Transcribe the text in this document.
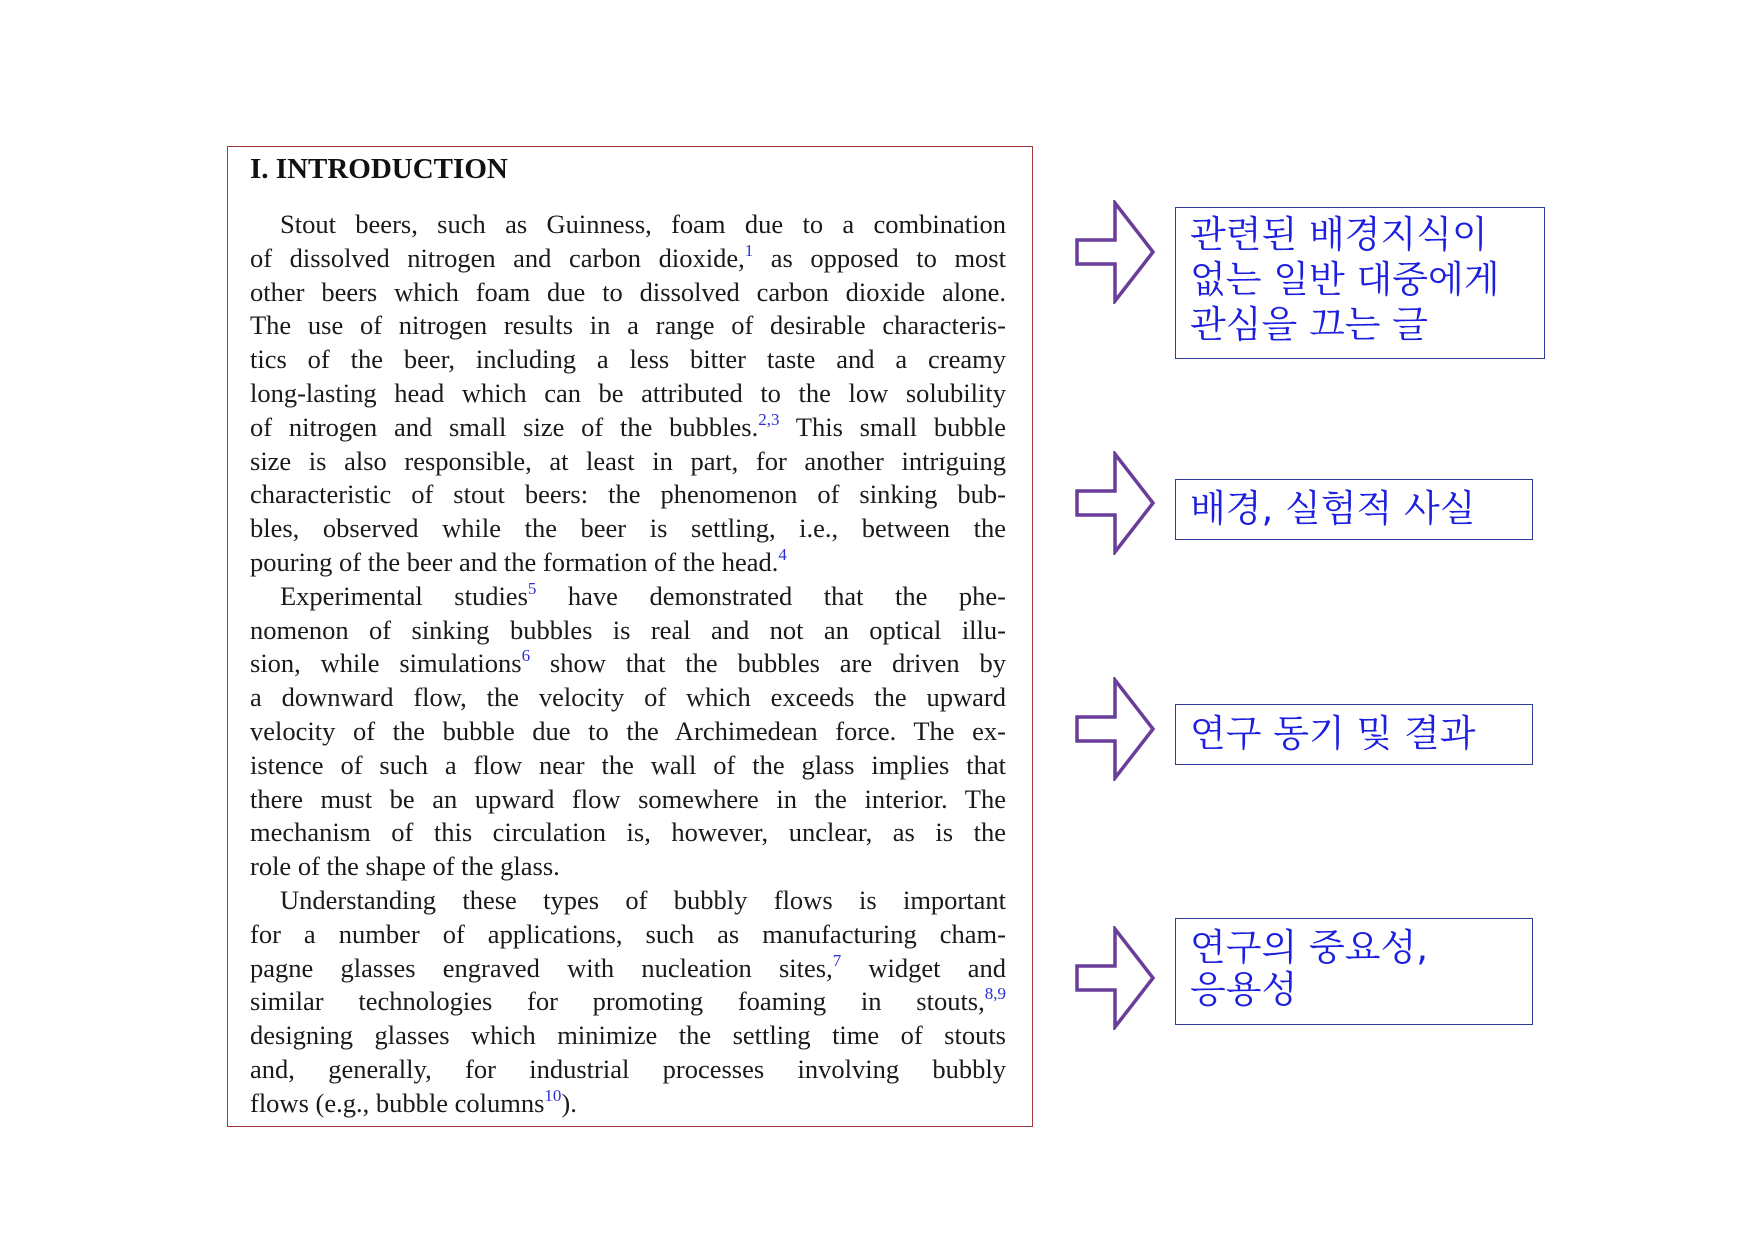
I. INTRODUCTION
Stout beers, such as Guinness, foam due to a combination
of dissolved nitrogen and carbon dioxide,$^1$ as opposed to most
other beers which foam due to dissolved carbon dioxide alone.
The use of nitrogen results in a range of desirable characteris-
tics of the beer, including a less bitter taste and a creamy
long-lasting head which can be attributed to the low solubility
of nitrogen and small size of the bubbles.$^{2,3}$ This small bubble
size is also responsible, at least in part, for another intriguing
characteristic of stout beers: the phenomenon of sinking bub-
bles, observed while the beer is settling, i.e., between the
pouring of the beer and the formation of the head.$^4$
Experimental studies$^5$ have demonstrated that the phe-
nomenon of sinking bubbles is real and not an optical illu-
sion, while simulations$^6$ show that the bubbles are driven by
a downward flow, the velocity of which exceeds the upward
velocity of the bubble due to the Archimedean force. The ex-
istence of such a flow near the wall of the glass implies that
there must be an upward flow somewhere in the interior. The
mechanism of this circulation is, however, unclear, as is the
role of the shape of the glass.
Understanding these types of bubbly flows is important
for a number of applications, such as manufacturing cham-
pagne glasses engraved with nucleation sites,$^7$ widget and
similar technologies for promoting foaming in stouts,$^{8,9}$
designing glasses which minimize the settling time of stouts
and, generally, for industrial processes involving bubbly
flows (e.g., bubble columns$^{10}$).
관련된 배경지식이
없는 일반 대중에게
관심을 끄는 글
배경, 실험적 사실
연구 동기 및 결과
연구의 중요성,
응용성
